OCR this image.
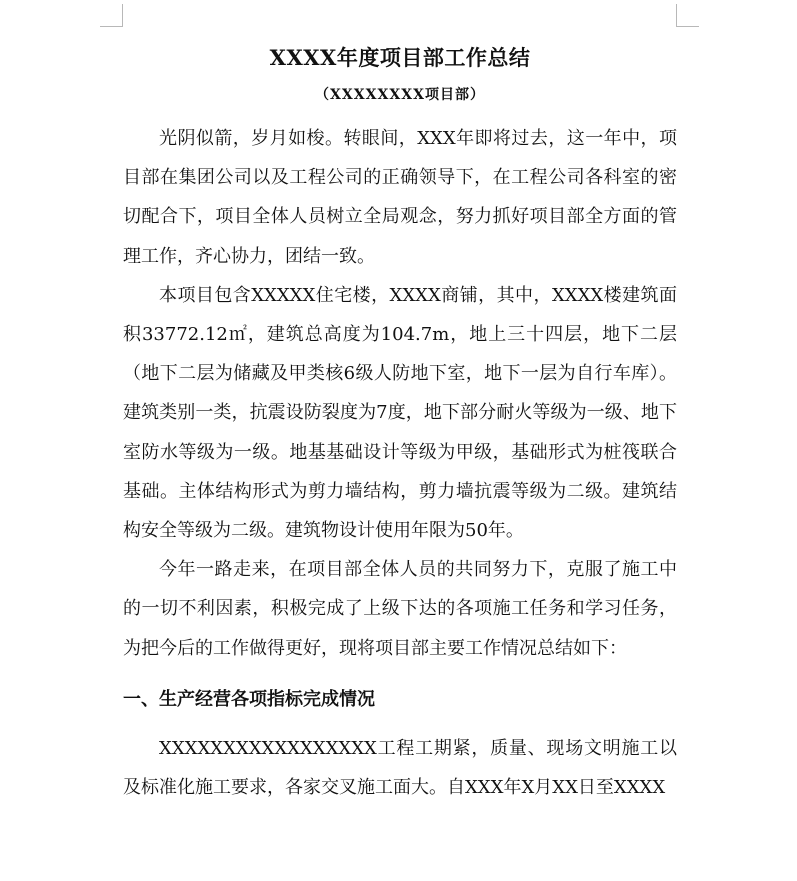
XXXX年度项目部工作总结
（XXXXXXXX项目部）

光阴似箭，岁月如梭。转眼间，XXX年即将过去，这一年中，项目部在集团公司以及工程公司的正确领导下，在工程公司各科室的密切配合下，项目全体人员树立全局观念，努力抓好项目部全方面的管理工作，齐心协力，团结一致。

本项目包含XXXXX住宅楼，XXXX商铺，其中，XXXX楼建筑面积33772.12㎡，建筑总高度为104.7m，地上三十四层，地下二层（地下二层为储藏及甲类核6级人防地下室，地下一层为自行车库）。建筑类别一类，抗震设防裂度为7度，地下部分耐火等级为一级、地下室防水等级为一级。地基基础设计等级为甲级，基础形式为桩筏联合基础。主体结构形式为剪力墙结构，剪力墙抗震等级为二级。建筑结构安全等级为二级。建筑物设计使用年限为50年。

今年一路走来，在项目部全体人员的共同努力下，克服了施工中的一切不利因素，积极完成了上级下达的各项施工任务和学习任务，为把今后的工作做得更好，现将项目部主要工作情况总结如下：

一、生产经营各项指标完成情况

XXXXXXXXXXXXXXXXX工程工期紧，质量、现场文明施工以及标准化施工要求，各家交叉施工面大。自XXX年X月XX日至XXXX
